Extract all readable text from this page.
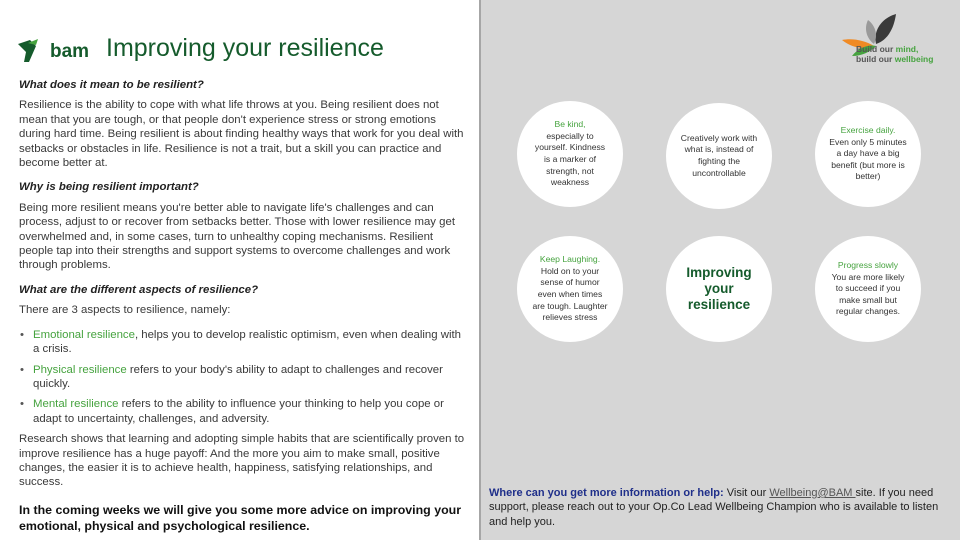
bam Improving your resilience

What does it mean to be resilient?

Resilience is the ability to cope with what life throws at you. Being resilient does not mean that you are tough, or that people don't experience stress or strong emotions during hard time. Being resilient is about finding healthy ways that work for you deal with setbacks or obstacles in life. Resilience is not a trait, but a skill you can practice and become better at.

Why is being resilient important?

Being more resilient means you're better able to navigate life's challenges and can process, adjust to or recover from setbacks better. Those with lower resilience may get overwhelmed and, in some cases, turn to unhealthy coping mechanisms. Resilient people tap into their strengths and support systems to overcome challenges and work through problems.

What are the different aspects of resilience?

There are 3 aspects to resilience, namely:

• Emotional resilience, helps you to develop realistic optimism, even when dealing with a crisis.
• Physical resilience refers to your body's ability to adapt to challenges and recover quickly.
• Mental resilience refers to the ability to influence your thinking to help you cope or adapt to uncertainty, challenges, and adversity.

Research shows that learning and adopting simple habits that are scientifically proven to improve resilience has a huge payoff: And the more you aim to make small, positive changes, the easier it is to achieve health, happiness, satisfying relationships, and success.

In the coming weeks we will give you some more advice on improving your emotional, physical and psychological resilience.

Build our mind,
build our wellbeing
Be kind,
especially to yourself. Kindness is a marker of strength, not weakness
Creatively work with what is, instead of fighting the uncontrollable
Exercise daily.
Even only 5 minutes a day have a big benefit (but more is better)
Keep Laughing.
Hold on to your sense of humor even when times are tough. Laughter relieves stress
Improving your resilience
Progress slowly
You are more likely to succeed if you make small but regular changes.
Where can you get more information or help: Visit our Wellbeing@BAM site. If you need support, please reach out to your Op.Co Lead Wellbeing Champion who is available to listen and help you.
